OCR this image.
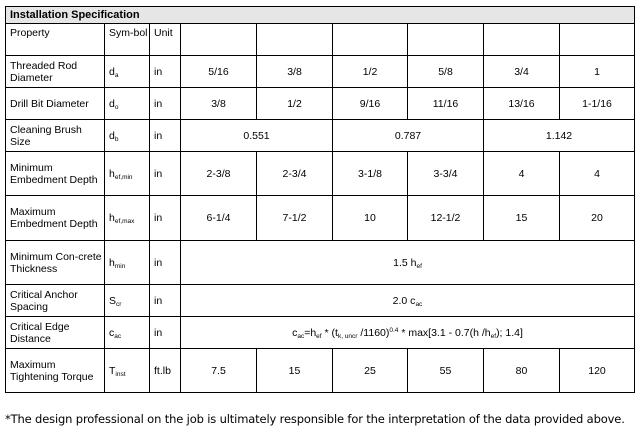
Installation Specification								
Property	Sym-bol	Unit						
Threaded Rod Diameter	$d_a$	in	5/16	3/8	1/2	5/8	3/4	1
Drill Bit Diameter	$d_o$	in	3/8	1/2	9/16	11/16	13/16	1-1/16
Cleaning Brush Size	$d_b$	in	0.551		0.787		1.142	
Minimum Embedment Depth	$h_{ef,min}$	in	2-3/8	2-3/4	3-1/8	3-3/4	4	4
Maximum Embedment Depth	$h_{ef,max}$	in	6-1/4	7-1/2	10	12-1/2	15	20
Minimum Con-crete Thickness	$h_{min}$	in	1.5 $h_{ef}$
Critical Anchor Spacing	$S_{cr}$	in	2.0 $c_{ac}$
Critical Edge Distance	$c_{ac}$	in	$c_{ac}=h_{ef} * (t_{k, uncr}$ /1160)$^{0.4}$ * max[3.1 - 0.7(h $/h_{ef}$); 1.4]					
Maximum Tightening Torque	$T_{inst}$	ft.lb	7.5	15	25	55	80	120
*The design professional on the job is ultimately responsible for the interpretation of the data provided above.
